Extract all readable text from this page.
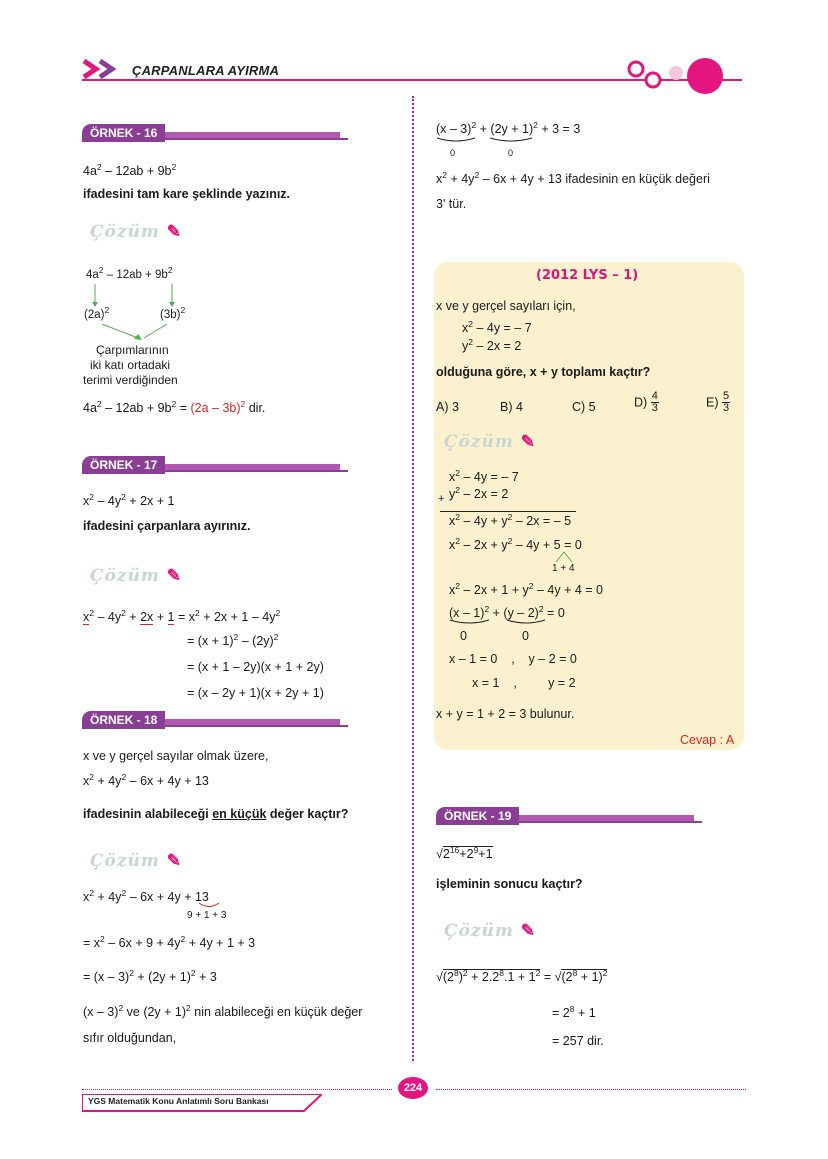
ÇARPANLARA AYIRMA
ÖRNEK - 16
$4a^2 - 12ab + 9b^2$
ifadesini tam kare şeklinde yazınız.
Çözüm ✎
$4a^2 - 12ab + 9b^2$
$(2a)^2$	$(3b)^2$
Çarpımlarının
iki katı ortadaki
terimi verdiğinden
$4a^2 - 12ab + 9b^2 = (2a - 3b)^2$ dir.
ÖRNEK - 17
$x^2 - 4y^2 + 2x + 1$
ifadesini çarpanlara ayırınız.
Çözüm ✎
$x^2 - 4y^2 + 2x + 1 = x^2 + 2x + 1 - 4y^2$
= $(x + 1)^2 - (2y)^2$
= (x + 1 – 2y)(x + 1 + 2y)
= (x – 2y + 1)(x + 2y + 1)
ÖRNEK - 18
x ve y gerçel sayılar olmak üzere,
$x^2 + 4y^2 - 6x + 4y + 13$
ifadesinin alabileceği en küçük değer kaçtır?
Çözüm ✎
$x^2 + 4y^2 - 6x + 4y + 13$
9 + 1 + 3
= $x^2 - 6x + 9 + 4y^2 + 4y + 1 + 3$
= $(x - 3)^2 + (2y + 1)^2 + 3$
(x – 3)$^2$ ve $(2y + 1)^2$ nin alabileceği en küçük değer
sıfır olduğundan,
$(x - 3)^2 + (2y + 1)^2 + 3 = 3$
0	0
$x^2 + 4y^2 - 6x + 4y + 13$ ifadesinin en küçük değeri
3' tür.
(2012 LYS – 1)
x ve y gerçel sayıları için,
$x^2 - 4y$ = – 7
$y^2 - 2x = 2$
olduğuna göre, x + y toplamı kaçtır?
A) 3	B) 4	C) 5	$D) \frac{4}{3}$	$E) \frac{5}{3}$
Çözüm ✎
$x^2 - 4y$ = – 7
+ $y^2 - 2x = 2$
$x^2 - 4y + y^2 - 2x$ = – 5
$x^2 - 2x + y^2 - 4y + 5 = 0$
1 + 4
$x^2 - 2x + 1 + y^2 - 4y + 4 = 0$
(x – 1)$^2$ + (y – 2)$^2$ = 0
0	0
x – 1 = 0    ,    y – 2 = 0
x = 1    ,         y = 2
x + y = 1 + 2 = 3 bulunur.
Cevap : A
ÖRNEK - 19
$√2^{16}+2^9+1$
işleminin sonucu kaçtır?
Çözüm ✎
$√(2^8)^2 + 2.2^8.1 + 1^2 = √(2^8 + 1)^2$
= $2^8 + 1$
= 257 dir.
224
YGS Matematik Konu Anlatımlı Soru Bankası
